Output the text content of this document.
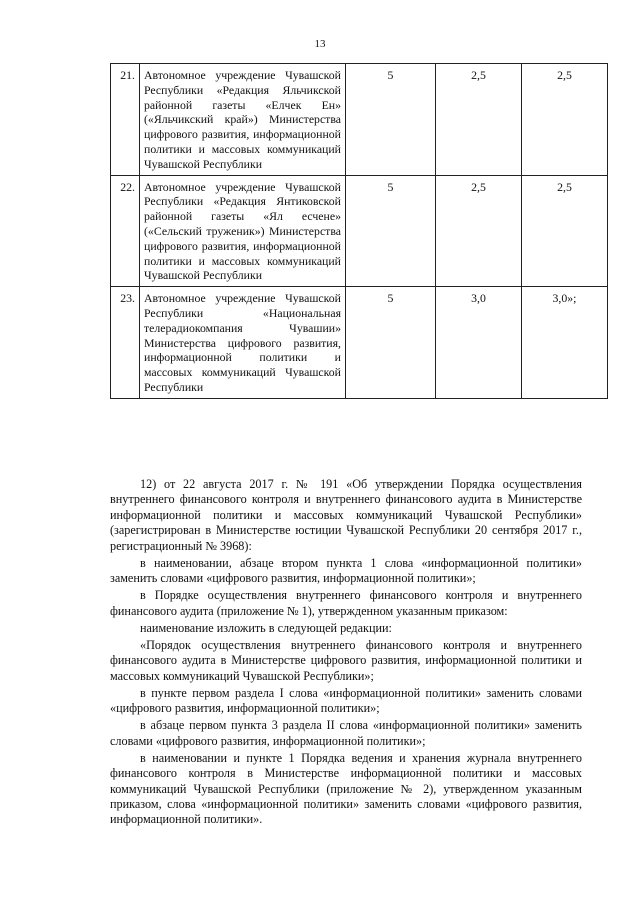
13
21.	Автономное учреждение Чувашской Республики «Редакция Яльчикской районной газеты «Елчек Ен» («Яльчикский край») Министерства цифрового развития, информационной политики и массовых коммуникаций Чувашской Республики	5	2,5	2,5
22.	Автономное учреждение Чувашской Республики «Редакция Янтиковской районной газеты «Ял есчене» («Сельский труженик») Министерства цифрового развития, информационной политики и массовых коммуникаций Чувашской Республики	5	2,5	2,5
23.	Автономное учреждение Чувашской Республики «Национальная телерадиокомпания Чувашии» Министерства цифрового развития, информационной политики и массовых коммуникаций Чувашской Республики	5	3,0	3,0»;

12) от 22 августа 2017 г. № 191 «Об утверждении Порядка осуществления внутреннего финансового контроля и внутреннего финансового аудита в Министерстве информационной политики и массовых коммуникаций Чувашской Республики» (зарегистрирован в Министерстве юстиции Чувашской Республики 20 сентября 2017 г., регистрационный № 3968):

в наименовании, абзаце втором пункта 1 слова «информационной политики» заменить словами «цифрового развития, информационной политики»;

в Порядке осуществления внутреннего финансового контроля и внутреннего финансового аудита (приложение № 1), утвержденном указанным приказом:

наименование изложить в следующей редакции:

«Порядок осуществления внутреннего финансового контроля и внутреннего финансового аудита в Министерстве цифрового развития, информационной политики и массовых коммуникаций Чувашской Республики»;

в пункте первом раздела I слова «информационной политики» заменить словами «цифрового развития, информационной политики»;

в абзаце первом пункта 3 раздела II слова «информационной политики» заменить словами «цифрового развития, информационной политики»;

в наименовании и пункте 1 Порядка ведения и хранения журнала внутреннего финансового контроля в Министерстве информационной политики и массовых коммуникаций Чувашской Республики (приложение № 2), утвержденном указанным приказом, слова «информационной политики» заменить словами «цифрового развития, информационной политики».
